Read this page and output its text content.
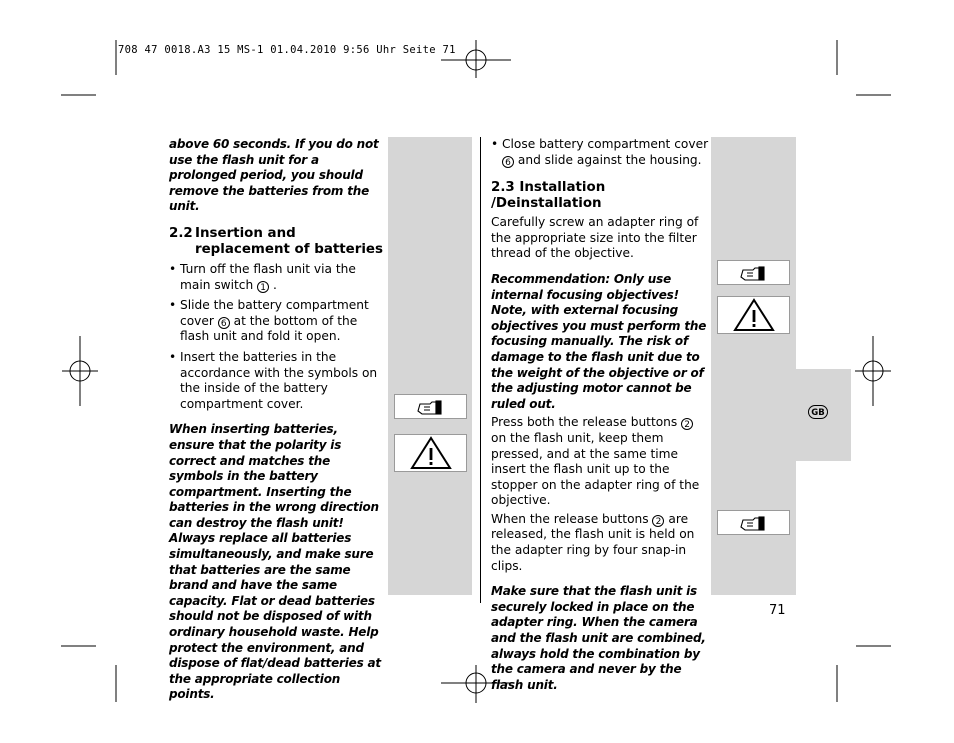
708 47 0018.A3 15 MS-1 01.04.2010 9:56 Uhr Seite 71
GB

above 60 seconds. If you do not use the flash unit for a prolonged period, you should remove the batteries from the unit.

2.2 Insertion and replacement of batteries
• Turn off the flash unit via the main switch 1 .
• Slide the battery compartment cover 6 at the bottom of the flash unit and fold it open.
• Insert the batteries in the accordance with the symbols on the inside of the battery compartment cover.

When inserting batteries, ensure that the polarity is correct and matches the symbols in the battery compartment. Inserting the batteries in the wrong direction can destroy the flash unit! Always replace all batteries simultaneously, and make sure that batteries are the same brand and have the same capacity. Flat or dead batteries should not be disposed of with ordinary household waste. Help protect the environment, and dispose of flat/dead batteries at the appropriate collection points.

• Close battery compartment cover 6 and slide against the housing.

2.3 Installation /Deinstallation

Carefully screw an adapter ring of the appropriate size into the filter thread of the objective.

Recommendation: Only use internal focusing objectives! Note, with external focusing objectives you must perform the focusing manually. The risk of damage to the flash unit due to the weight of the objective or of the adjusting motor cannot be ruled out.

Press both the release buttons 2 on the flash unit, keep them pressed, and at the same time insert the flash unit up to the stopper on the adapter ring of the objective.

When the release buttons 2 are released, the flash unit is held on the adapter ring by four snap-in clips.

Make sure that the flash unit is securely locked in place on the adapter ring. When the camera and the flash unit are combined, always hold the combination by the camera and never by the flash unit.

71
